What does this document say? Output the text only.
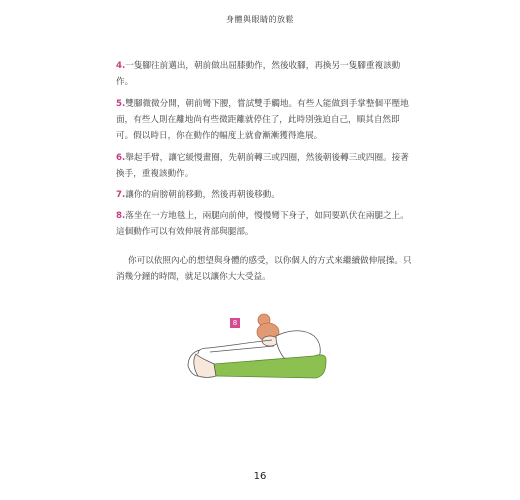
身體與眼睛的放鬆
4.一隻腳往前邁出，朝前做出屈膝動作，然後收腳，再換另一隻腳重複該動作。
5.雙腳微微分開，朝前彎下腰，嘗試雙手觸地。有些人能做到手掌整個平壓地面，有些人則在離地尚有些微距離就停住了，此時別強迫自己，順其自然即可。假以時日，你在動作的幅度上就會漸漸獲得進展。
6.舉起手臂，讓它緩慢畫圈，先朝前轉三或四圈，然後朝後轉三或四圈。接著換手，重複該動作。
7.讓你的肩膀朝前移動，然後再朝後移動。
8.落坐在一方地毯上，兩腿向前伸，慢慢彎下身子，如同要趴伏在兩腿之上。這個動作可以有效伸展背部與腿部。
你可以依照內心的想望與身體的感受，以你個人的方式來繼續做伸展操。只消幾分鐘的時間，就足以讓你大大受益。
8
16
